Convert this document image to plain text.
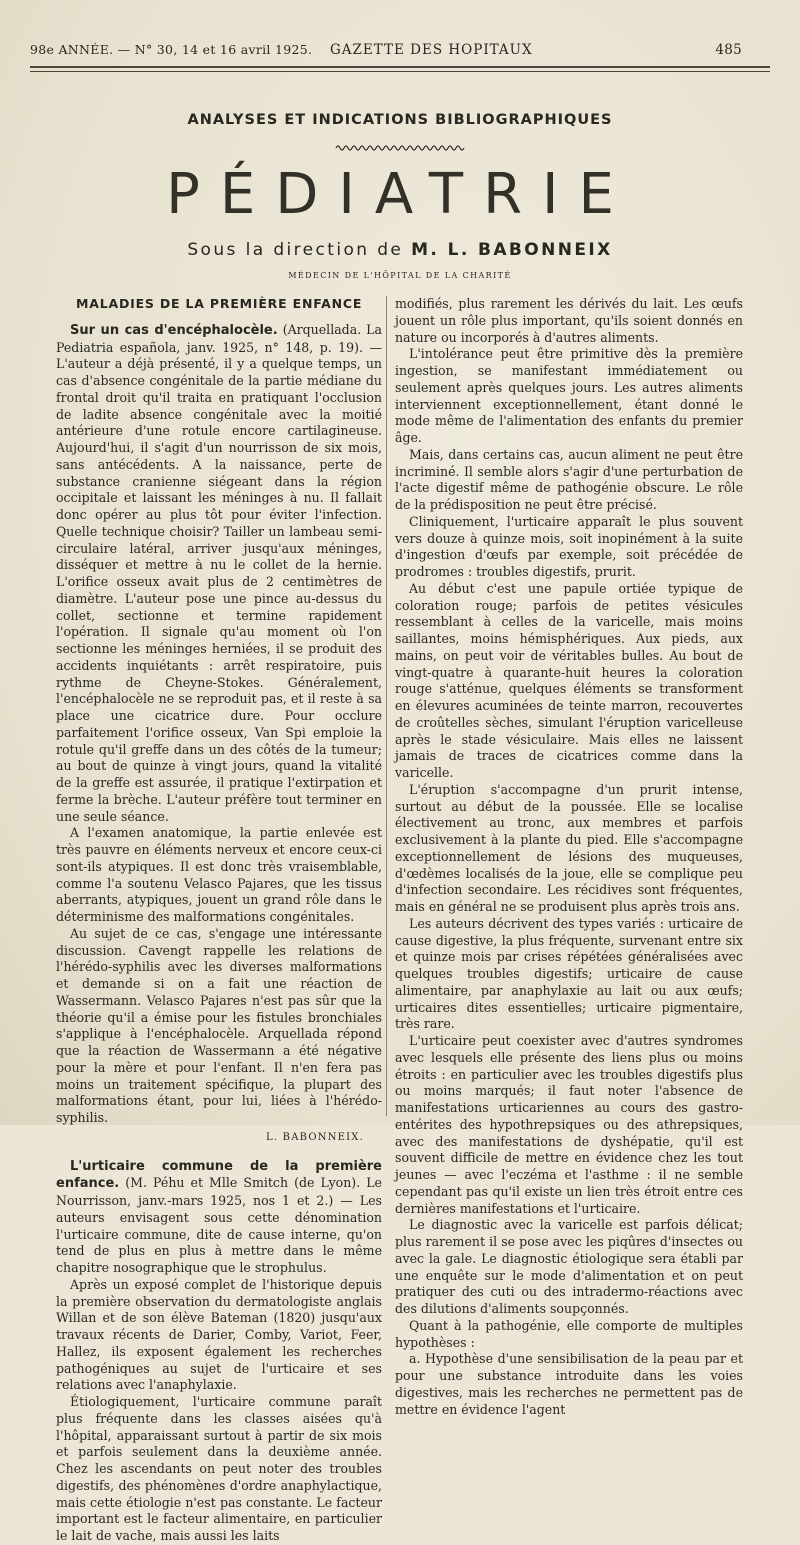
98e ANNÉE. — N° 30, 14 et 16 avril 1925. GAZETTE DES HOPITAUX	485
ANALYSES ET INDICATIONS BIBLIOGRAPHIQUES
PÉDIATRIE
Sous la direction de M. L. BABONNEIX
MÉDECIN DE L'HÔPITAL DE LA CHARITÉ

MALADIES DE LA PREMIÈRE ENFANCE

Sur un cas d'encéphalocèle. (Arquellada. La Pediatria española, janv. 1925, n° 148, p. 19). — L'auteur a déjà présenté, il y a quelque temps, un cas d'absence congénitale de la partie médiane du frontal droit qu'il traita en pratiquant l'occlusion de ladite absence congénitale avec la moitié antérieure d'une rotule encore cartilagineuse. Aujourd'hui, il s'agit d'un nourrisson de six mois, sans antécédents. A la naissance, perte de substance cranienne siégeant dans la région occipitale et laissant les méninges à nu. Il fallait donc opérer au plus tôt pour éviter l'infection. Quelle technique choisir? Tailler un lambeau semi-circulaire latéral, arriver jusqu'aux méninges, disséquer et mettre à nu le collet de la hernie. L'orifice osseux avait plus de 2 centimètres de diamètre. L'auteur pose une pince au-dessus du collet, sectionne et termine rapidement l'opération. Il signale qu'au moment où l'on sectionne les méninges herniées, il se produit des accidents inquiétants : arrêt respiratoire, puis rythme de Cheyne-Stokes. Généralement, l'encéphalocèle ne se reproduit pas, et il reste à sa place une cicatrice dure. Pour occlure parfaitement l'orifice osseux, Van Spi emploie la rotule qu'il greffe dans un des côtés de la tumeur; au bout de quinze à vingt jours, quand la vitalité de la greffe est assurée, il pratique l'extirpation et ferme la brèche. L'auteur préfère tout terminer en une seule séance.

A l'examen anatomique, la partie enlevée est très pauvre en éléments nerveux et encore ceux-ci sont-ils atypiques. Il est donc très vraisemblable, comme l'a soutenu Velasco Pajares, que les tissus aberrants, atypiques, jouent un grand rôle dans le déterminisme des malformations congénitales.

Au sujet de ce cas, s'engage une intéressante discussion. Cavengt rappelle les relations de l'hérédo-syphilis avec les diverses malformations et demande si on a fait une réaction de Wassermann. Velasco Pajares n'est pas sûr que la théorie qu'il a émise pour les fistules bronchiales s'applique à l'encéphalocèle. Arquellada répond que la réaction de Wassermann a été négative pour la mère et pour l'enfant. Il n'en fera pas moins un traitement spécifique, la plupart des malformations étant, pour lui, liées à l'hérédo-syphilis.

L. BABONNEIX.

L'urticaire commune de la première enfance. (M. Péhu et Mlle Smitch (de Lyon). Le Nourrisson, janv.-mars 1925, nos 1 et 2.) — Les auteurs envisagent sous cette dénomination l'urticaire commune, dite de cause interne, qu'on tend de plus en plus à mettre dans le même chapitre nosographique que le strophulus.

Après un exposé complet de l'historique depuis la première observation du dermatologiste anglais Willan et de son élève Bateman (1820) jusqu'aux travaux récents de Darier, Comby, Variot, Feer, Hallez, ils exposent également les recherches pathogéniques au sujet de l'urticaire et ses relations avec l'anaphylaxie.

Étiologiquement, l'urticaire commune paraît plus fréquente dans les classes aisées qu'à l'hôpital, apparaissant surtout à partir de six mois et parfois seulement dans la deuxième année. Chez les ascendants on peut noter des troubles digestifs, des phénomènes d'ordre anaphylactique, mais cette étiologie n'est pas constante. Le facteur important est le facteur alimentaire, en particulier le lait de vache, mais aussi les laits

modifiés, plus rarement les dérivés du lait. Les œufs jouent un rôle plus important, qu'ils soient donnés en nature ou incorporés à d'autres aliments.

L'intolérance peut être primitive dès la première ingestion, se manifestant immédiatement ou seulement après quelques jours. Les autres aliments interviennent exceptionnellement, étant donné le mode même de l'alimentation des enfants du premier âge.

Mais, dans certains cas, aucun aliment ne peut être incriminé. Il semble alors s'agir d'une perturbation de l'acte digestif même de pathogénie obscure. Le rôle de la prédisposition ne peut être précisé.

Cliniquement, l'urticaire apparaît le plus souvent vers douze à quinze mois, soit inopinément à la suite d'ingestion d'œufs par exemple, soit précédée de prodromes : troubles digestifs, prurit.

Au début c'est une papule ortiée typique de coloration rouge; parfois de petites vésicules ressemblant à celles de la varicelle, mais moins saillantes, moins hémisphériques. Aux pieds, aux mains, on peut voir de véritables bulles. Au bout de vingt-quatre à quarante-huit heures la coloration rouge s'atténue, quelques éléments se transforment en élevures acuminées de teinte marron, recouvertes de croûtelles sèches, simulant l'éruption varicelleuse après le stade vésiculaire. Mais elles ne laissent jamais de traces de cicatrices comme dans la varicelle.

L'éruption s'accompagne d'un prurit intense, surtout au début de la poussée. Elle se localise électivement au tronc, aux membres et parfois exclusivement à la plante du pied. Elle s'accompagne exceptionnellement de lésions des muqueuses, d'œdèmes localisés de la joue, elle se complique peu d'infection secondaire. Les récidives sont fréquentes, mais en général ne se produisent plus après trois ans.

Les auteurs décrivent des types variés : urticaire de cause digestive, la plus fréquente, survenant entre six et quinze mois par crises répétées généralisées avec quelques troubles digestifs; urticaire de cause alimentaire, par anaphylaxie au lait ou aux œufs; urticaires dites essentielles; urticaire pigmentaire, très rare.

L'urticaire peut coexister avec d'autres syndromes avec lesquels elle présente des liens plus ou moins étroits : en particulier avec les troubles digestifs plus ou moins marqués; il faut noter l'absence de manifestations urticariennes au cours des gastro-entérites des hypothrepsiques ou des athrepsiques, avec des manifestations de dyshépatie, qu'il est souvent difficile de mettre en évidence chez les tout jeunes — avec l'eczéma et l'asthme : il ne semble cependant pas qu'il existe un lien très étroit entre ces dernières manifestations et l'urticaire.

Le diagnostic avec la varicelle est parfois délicat; plus rarement il se pose avec les piqûres d'insectes ou avec la gale. Le diagnostic étiologique sera établi par une enquête sur le mode d'alimentation et on peut pratiquer des cuti ou des intradermo-réactions avec des dilutions d'aliments soupçonnés.

Quant à la pathogénie, elle comporte de multiples hypothèses :

a. Hypothèse d'une sensibilisation de la peau par et pour une substance introduite dans les voies digestives, mais les recherches ne permettent pas de mettre en évidence l'agent
